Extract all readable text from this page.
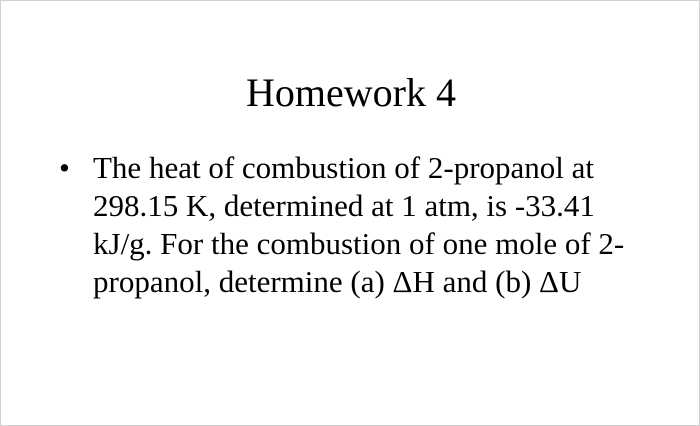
Homework 4
• The heat of combustion of 2-propanol at
298.15 K, determined at 1 atm, is -33.41
kJ/g. For the combustion of one mole of 2-
propanol, determine (a) ΔH and (b) ΔU
